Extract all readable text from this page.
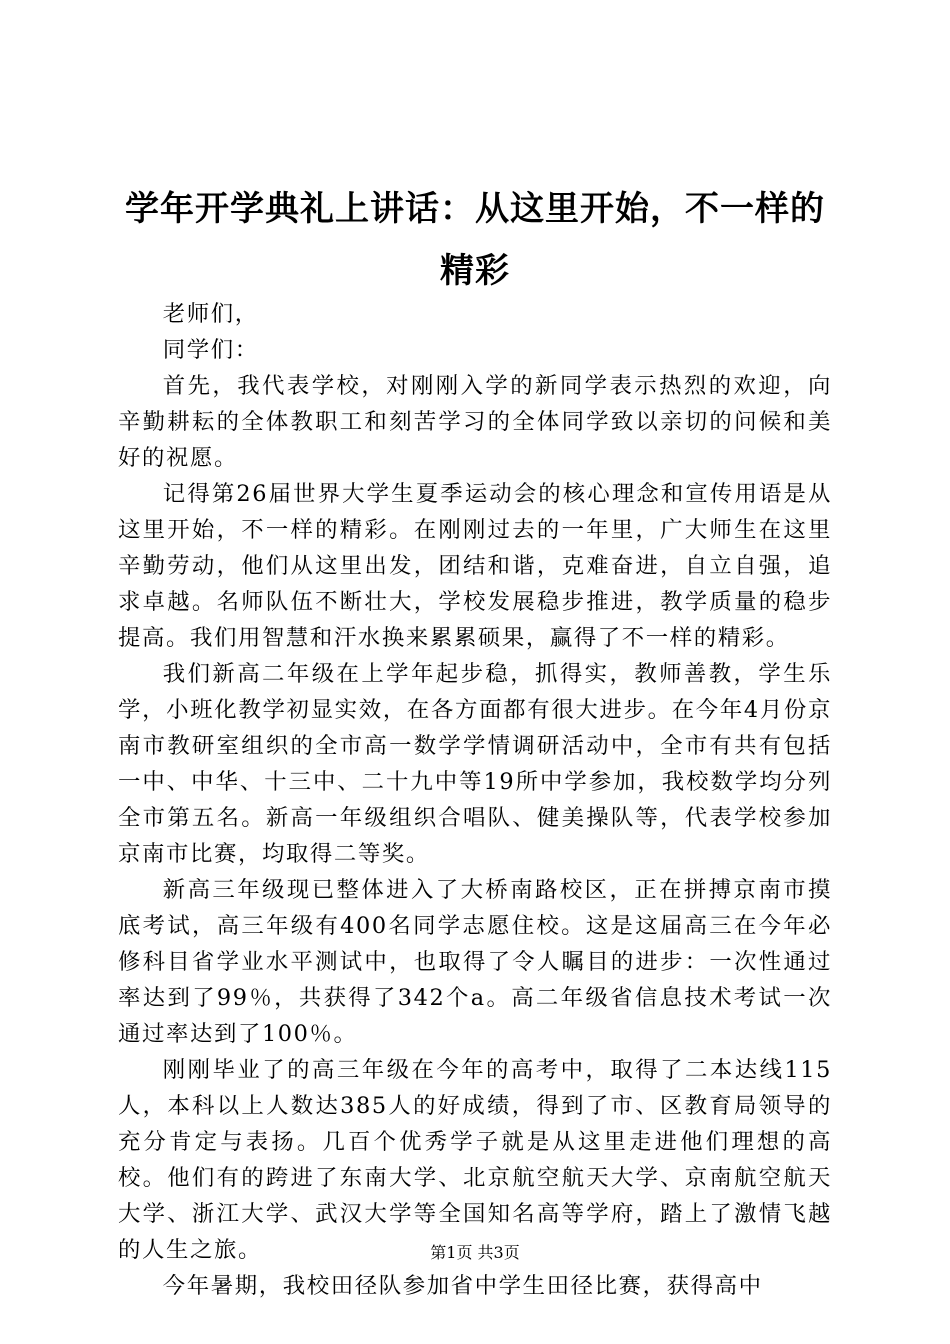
学年开学典礼上讲话：从这里开始，不一样的精彩

老师们，

同学们：

首先，我代表学校，对刚刚入学的新同学表示热烈的欢迎，向辛勤耕耘的全体教职工和刻苦学习的全体同学致以亲切的问候和美好的祝愿。

记得第26届世界大学生夏季运动会的核心理念和宣传用语是从这里开始，不一样的精彩。在刚刚过去的一年里，广大师生在这里辛勤劳动，他们从这里出发，团结和谐，克难奋进，自立自强，追求卓越。名师队伍不断壮大，学校发展稳步推进，教学质量的稳步提高。我们用智慧和汗水换来累累硕果，赢得了不一样的精彩。

我们新高二年级在上学年起步稳，抓得实，教师善教，学生乐学，小班化教学初显实效，在各方面都有很大进步。在今年4月份京南市教研室组织的全市高一数学学情调研活动中，全市有共有包括一中、中华、十三中、二十九中等19所中学参加，我校数学均分列全市第五名。新高一年级组织合唱队、健美操队等，代表学校参加京南市比赛，均取得二等奖。

新高三年级现已整体进入了大桥南路校区，正在拼搏京南市摸底考试，高三年级有400名同学志愿住校。这是这届高三在今年必修科目省学业水平测试中，也取得了令人瞩目的进步：一次性通过率达到了99％，共获得了342个a。高二年级省信息技术考试一次通过率达到了100％。

刚刚毕业了的高三年级在今年的高考中，取得了二本达线115人，本科以上人数达385人的好成绩，得到了市、区教育局领导的充分肯定与表扬。几百个优秀学子就是从这里走进他们理想的高校。他们有的跨进了东南大学、北京航空航天大学、京南航空航天大学、浙江大学、武汉大学等全国知名高等学府，踏上了激情飞越的人生之旅。

今年暑期，我校田径队参加省中学生田径比赛，获得高中

第1页 共3页
